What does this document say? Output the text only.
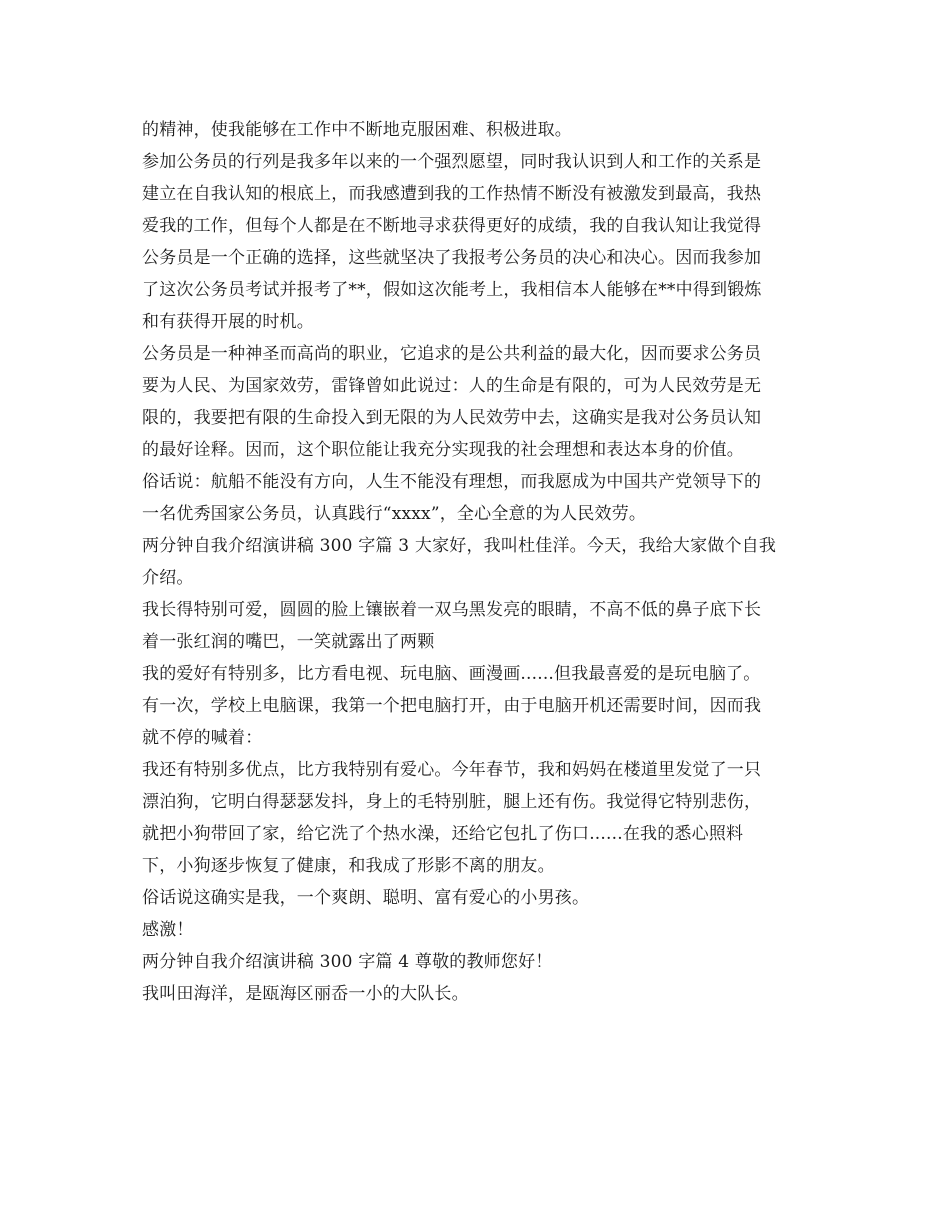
的精神，使我能够在工作中不断地克服困难、积极进取。
参加公务员的行列是我多年以来的一个强烈愿望，同时我认识到人和工作的关系是
建立在自我认知的根底上，而我感遭到我的工作热情不断没有被激发到最高，我热
爱我的工作，但每个人都是在不断地寻求获得更好的成绩，我的自我认知让我觉得
公务员是一个正确的选择，这些就坚决了我报考公务员的决心和决心。因而我参加
了这次公务员考试并报考了**，假如这次能考上，我相信本人能够在**中得到锻炼
和有获得开展的时机。
公务员是一种神圣而高尚的职业，它追求的是公共利益的最大化，因而要求公务员
要为人民、为国家效劳，雷锋曾如此说过：人的生命是有限的，可为人民效劳是无
限的，我要把有限的生命投入到无限的为人民效劳中去，这确实是我对公务员认知
的最好诠释。因而，这个职位能让我充分实现我的社会理想和表达本身的价值。
俗话说：航船不能没有方向，人生不能没有理想，而我愿成为中国共产党领导下的
一名优秀国家公务员，认真践行“xxxx”，全心全意的为人民效劳。
两分钟自我介绍演讲稿 300 字篇 3 大家好，我叫杜佳洋。今天，我给大家做个自我
介绍。
我长得特别可爱，圆圆的脸上镶嵌着一双乌黑发亮的眼睛，不高不低的鼻子底下长
着一张红润的嘴巴，一笑就露出了两颗
我的爱好有特别多，比方看电视、玩电脑、画漫画......但我最喜爱的是玩电脑了。
有一次，学校上电脑课，我第一个把电脑打开，由于电脑开机还需要时间，因而我
就不停的喊着：
我还有特别多优点，比方我特别有爱心。今年春节，我和妈妈在楼道里发觉了一只
漂泊狗，它明白得瑟瑟发抖，身上的毛特别脏，腿上还有伤。我觉得它特别悲伤，
就把小狗带回了家，给它洗了个热水澡，还给它包扎了伤口......在我的悉心照料
下，小狗逐步恢复了健康，和我成了形影不离的朋友。
俗话说这确实是我，一个爽朗、聪明、富有爱心的小男孩。
感激！
两分钟自我介绍演讲稿 300 字篇 4 尊敬的教师您好！
我叫田海洋，是瓯海区丽岙一小的大队长。
